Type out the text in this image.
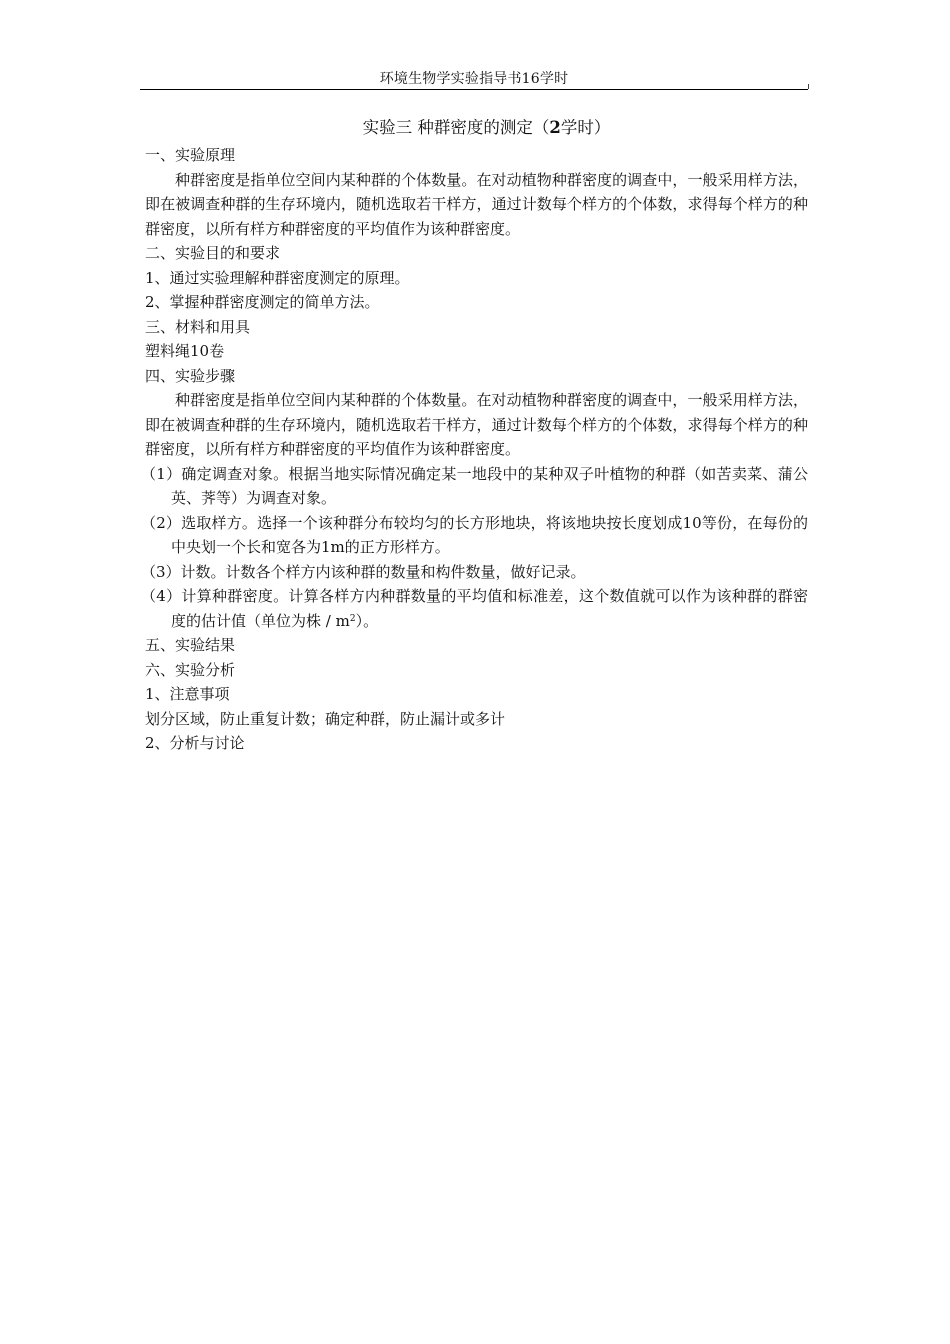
环境生物学实验指导书16学时
实验三 种群密度的测定（2学时）

一、实验原理

种群密度是指单位空间内某种群的个体数量。在对动植物种群密度的调查中，一般采用样方法，即在被调查种群的生存环境内，随机选取若干样方，通过计数每个样方的个体数，求得每个样方的种群密度，以所有样方种群密度的平均值作为该种群密度。

二、实验目的和要求

1、通过实验理解种群密度测定的原理。

2、掌握种群密度测定的简单方法。

三、材料和用具

塑料绳10卷

四、实验步骤

种群密度是指单位空间内某种群的个体数量。在对动植物种群密度的调查中，一般采用样方法，即在被调查种群的生存环境内，随机选取若干样方，通过计数每个样方的个体数，求得每个样方的种群密度，以所有样方种群密度的平均值作为该种群密度。

（1）确定调查对象。根据当地实际情况确定某一地段中的某种双子叶植物的种群（如苦卖菜、蒲公英、荠等）为调查对象。

（2）选取样方。选择一个该种群分布较均匀的长方形地块，将该地块按长度划成10等份，在每份的中央划一个长和宽各为1m的正方形样方。

（3）计数。计数各个样方内该种群的数量和构件数量，做好记录。

（4）计算种群密度。计算各样方内种群数量的平均值和标准差，这个数值就可以作为该种群的群密度的估计值（单位为株 / $m^2$）。

五、实验结果

六、实验分析

1、注意事项

划分区域，防止重复计数；确定种群，防止漏计或多计

2、分析与讨论
